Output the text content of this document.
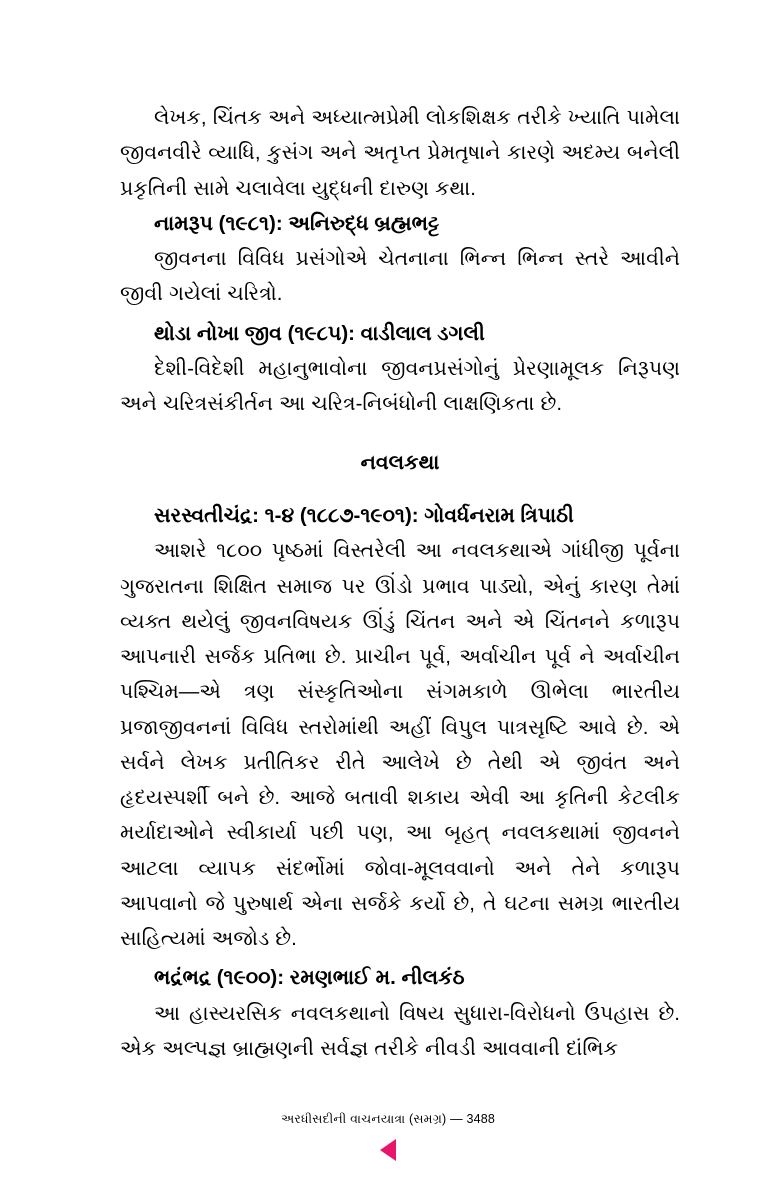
લેખક, ચિંતક અને અધ્યાત્મપ્રેમી લોકશિક્ષક તરીકે ખ્યાતિ પામેલા જીવનવીરે વ્યાધિ, કુસંગ અને અતૃપ્ત પ્રેમતૃષાને કારણે અદમ્ય બનેલી પ્રકૃતિની સામે ચલાવેલા યુદ્ધની દારુણ કથા.

નામરૂપ (૧૯૮૧): અનિરુદ્ધ બ્રહ્મભટ્ટ

જીવનના વિવિધ પ્રસંગોએ ચેતનાના ભિન્ન ભિન્ન સ્તરે આવીને જીવી ગયેલાં ચરિત્રો.

થોડા નોખા જીવ (૧૯૮૫): વાડીલાલ ડગલી

દેશી-વિદેશી મહાનુભાવોના જીવનપ્રસંગોનું પ્રેરણામૂલક નિરૂપણ અને ચરિત્રસંકીર્તન આ ચરિત્ર-નિબંધોની લાક્ષણિકતા છે.

નવલકથા

સરસ્વતીચંદ્ર: ૧-૪ (૧૮૮૭-૧૯૦૧): ગોવર્ધનરામ ત્રિપાઠી

આશરે ૧૮૦૦ પૃષ્ઠમાં વિસ્તરેલી આ નવલકથાએ ગાંધીજી પૂર્વના ગુજરાતના શિક્ષિત સમાજ પર ઊંડો પ્રભાવ પાડ્યો, એનું કારણ તેમાં વ્યક્ત થયેલું જીવનવિષયક ઊંડું ચિંતન અને એ ચિંતનને કળારૂપ આપનારી સર્જક પ્રતિભા છે. પ્રાચીન પૂર્વ, અર્વાચીન પૂર્વ ને અર્વાચીન પશ્ચિમ—એ ત્રણ સંસ્કૃતિઓના સંગમકાળે ઊભેલા ભારતીય પ્રજાજીવનનાં વિવિધ સ્તરોમાંથી અહીં વિપુલ પાત્રસૃષ્ટિ આવે છે. એ સર્વને લેખક પ્રતીતિકર રીતે આલેખે છે તેથી એ જીવંત અને હૃદયસ્પર્શી બને છે. આજે બતાવી શકાય એવી આ કૃતિની કેટલીક મર્યાદાઓને સ્વીકાર્યા પછી પણ, આ બૃહત્ નવલકથામાં જીવનને આટલા વ્યાપક સંદર્ભોમાં જોવા-મૂલવવાનો અને તેને કળારૂપ આપવાનો જે પુરુષાર્થ એના સર્જકે કર્યો છે, તે ઘટના સમગ્ર ભારતીય સાહિત્યમાં અજોડ છે.

ભદ્રંભદ્ર (૧૯૦૦): રમણભાઈ મ. નીલકંઠ

આ હાસ્યરસિક નવલકથાનો વિષય સુધારા-વિરોધનો ઉપહાસ છે. એક અલ્પજ્ઞ બ્રાહ્મણની સર્વજ્ઞ તરીકે નીવડી આવવાની દાંભિક

અરધીસદીની વાચનયાત્રા (સમગ્ર) — 3488
